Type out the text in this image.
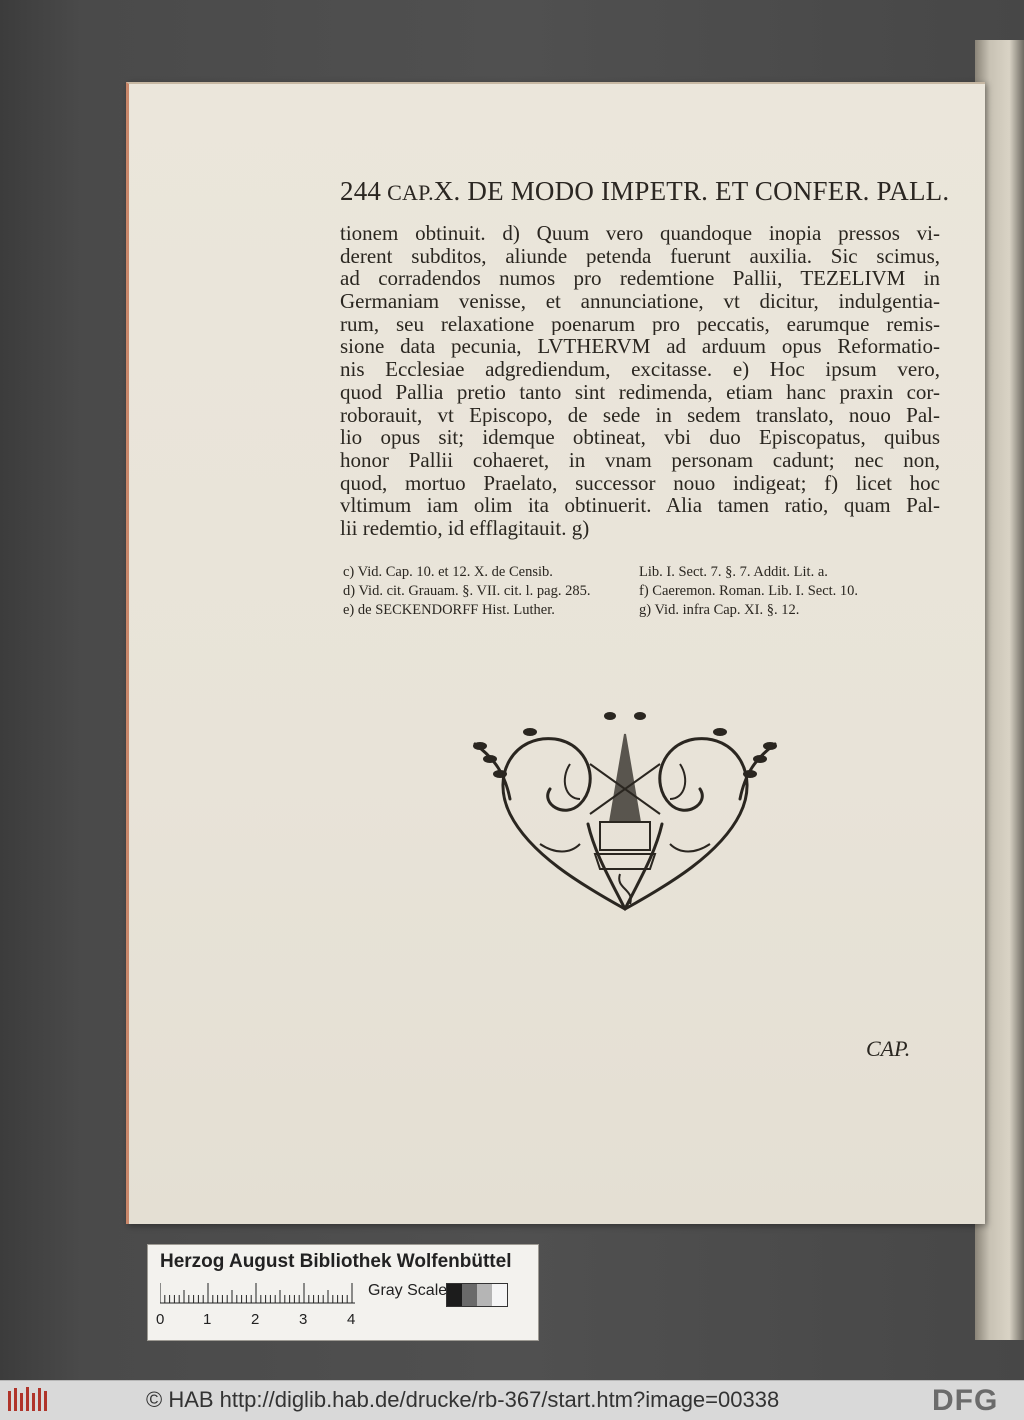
244 CAP.X. DE MODO IMPETR. ET CONFER. PALL.
tionem obtinuit. d) Quum vero quandoque inopia pressos vi-
derent subditos, aliunde petenda fuerunt auxilia. Sic scimus,
ad corradendos numos pro redemtione Pallii, TEZELIVM in
Germaniam venisse, et annunciatione, vt dicitur, indulgentia-
rum, seu relaxatione poenarum pro peccatis, earumque remis-
sione data pecunia, LVTHERVM ad arduum opus Reformatio-
nis Ecclesiae adgrediendum, excitasse. e) Hoc ipsum vero,
quod Pallia pretio tanto sint redimenda, etiam hanc praxin cor-
roborauit, vt Episcopo, de sede in sedem translato, nouo Pal-
lio opus sit; idemque obtineat, vbi duo Episcopatus, quibus
honor Pallii cohaeret, in vnam personam cadunt; nec non,
quod, mortuo Praelato, successor nouo indigeat; f) licet hoc
vltimum iam olim ita obtinuerit. Alia tamen ratio, quam Pal-
lii redemtio, id efflagitauit. g)
c) Vid. Cap. 10. et 12. X. de Censib.	Lib. I. Sect. 7. §. 7. Addit. Lit. a.
d) Vid. cit. Grauam. §. VII. cit. l. pag. 285.	f) Caeremon. Roman. Lib. I. Sect. 10.
e) de SECKENDORFF Hist. Luther.	g) Vid. infra Cap. XI. §. 12.
CAP.
Herzog August Bibliothek Wolfenbüttel
0	1	2	3	4
Gray Scale
© HAB http://diglib.hab.de/drucke/rb-367/start.htm?image=00338	DFG
